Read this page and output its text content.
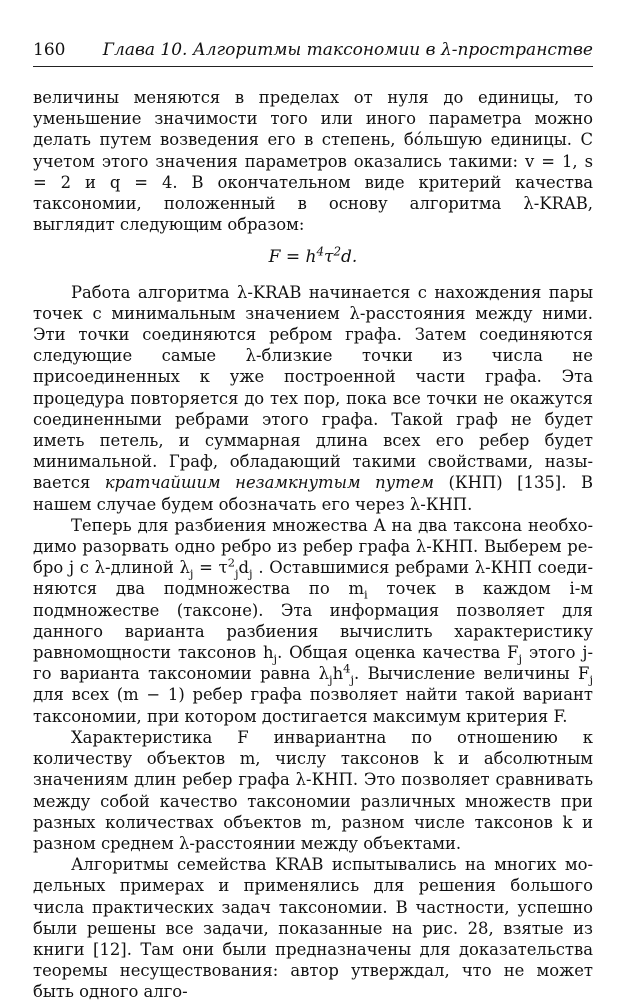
160 Глава 10. Алгоритмы таксономии в λ-пространстве

величины меняются в пределах от нуля до единицы, то уменьшение значимости того или иного параметра можно делать путем возведения его в степень, бо́льшую единицы. С учетом этого значения параметров оказались такими: v = 1, s = 2 и q = 4. В окончательном виде критерий качества таксономии, положенный в основу алгоритма λ-KRAB, выглядит следующим образом:

$F = h^4\tau^2d$.

Работа алгоритма λ-KRAB начинается с нахождения пары точек с минимальным значением λ-расстояния между ними. Эти точки соединяются ребром графа. Затем соединяются следующие самые λ-близкие точки из числа не присоединенных к уже построенной части графа. Эта процедура повторяется до тех пор, пока все точки не окажутся соединенными ребрами этого графа. Такой граф не будет иметь петель, и суммарная длина всех его ребер будет минимальной. Граф, обладающий такими свойствами, называется кратчайшим незамкнутым путем (КНП) [135]. В нашем случае будем обозначать его через λ-КНП.

Теперь для разбиения множества A на два таксона необходимо разорвать одно ребро из ребер графа λ-КНП. Выберем ребро j с λ-длиной $\lambda_j = \tau^2_jd_j$ . Оставшимися ребрами λ-КНП соединяются два подмножества по $m_i$ точек в каждом i-м подмножестве (таксоне). Эта информация позволяет для данного варианта разбиения вычислить характеристику равномощности таксонов $h_j$. Общая оценка качества $F_j$ этого j-го варианта таксономии равна $\lambda_jh^4_j$. Вычисление величины $F_j$ для всех (m − 1) ребер графа позволяет найти такой вариант таксономии, при котором достигается максимум критерия F.

Характеристика F инвариантна по отношению к количеству объектов m, числу таксонов k и абсолютным значениям длин ребер графа λ-КНП. Это позволяет сравнивать между собой качество таксономии различных множеств при разных количествах объектов m, разном числе таксонов k и разном среднем λ-расстоянии между объектами.

Алгоритмы семейства KRAB испытывались на многих модельных примерах и применялись для решения большого числа практических задач таксономии. В частности, успешно были решены все задачи, показанные на рис. 28, взятые из книги [12]. Там они были предназначены для доказательства теоремы несуществования: автор утверждал, что не может быть одного алго-
